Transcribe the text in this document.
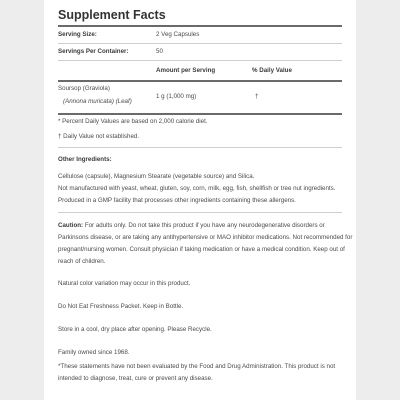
Supplement Facts
Serving Size:	2 Veg Capsules
Servings Per Container:	50
Amount per Serving	% Daily Value
Soursop (Graviola)
(Annona muricata) (Leaf)
1 g (1,000 mg)	†
* Percent Daily Values are based on 2,000 calorie diet.
† Daily Value not established.
Other Ingredients:
Cellulose (capsule), Magnesium Stearate (vegetable source) and Silica.
Not manufactured with yeast, wheat, gluten, soy, corn, milk, egg, fish, shellfish or tree nut ingredients.
Produced in a GMP facility that processes other ingredients containing these allergens.
Caution: For adults only. Do not take this product if you have any neurodegenerative disorders or
Parkinsons disease, or are taking any antihypertensive or MAO inhibitor medications. Not recommended for
pregnant/nursing women. Consult physician if taking medication or have a medical condition. Keep out of
reach of children.
Natural color variation may occur in this product.
Do Not Eat Freshness Packet. Keep in Bottle.
Store in a cool, dry place after opening. Please Recycle.
Family owned since 1968.
*These statements have not been evaluated by the Food and Drug Administration. This product is not
intended to diagnose, treat, cure or prevent any disease.
